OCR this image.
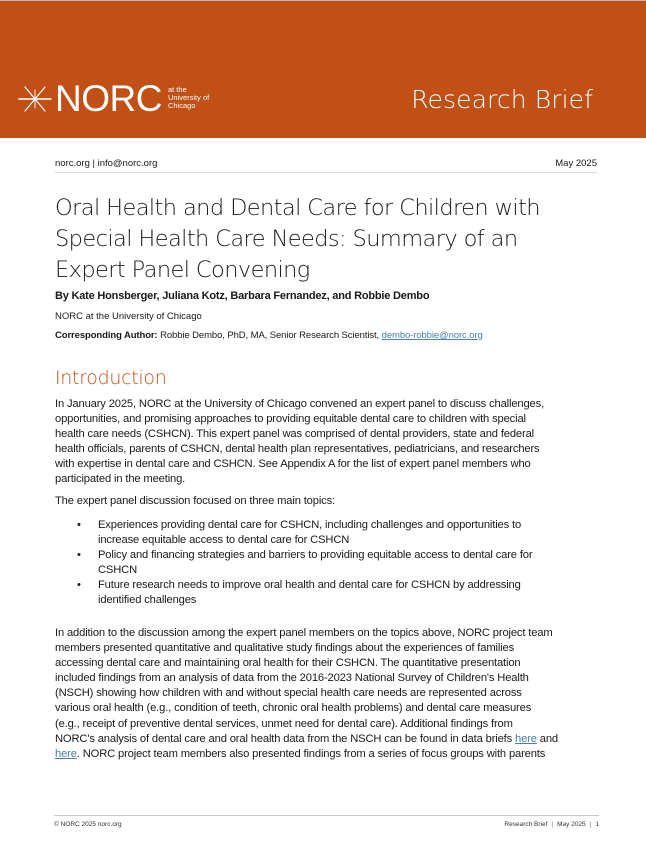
NORC at the
University of
Chicago	Research Brief
norc.org | info@norc.org	May 2025
Oral Health and Dental Care for Children with
Special Health Care Needs: Summary of an
Expert Panel Convening
By Kate Honsberger, Juliana Kotz, Barbara Fernandez, and Robbie Dembo
NORC at the University of Chicago
Corresponding Author: Robbie Dembo, PhD, MA, Senior Research Scientist, dembo-robbie@norc.org
Introduction
In January 2025, NORC at the University of Chicago convened an expert panel to discuss challenges,
opportunities, and promising approaches to providing equitable dental care to children with special
health care needs (CSHCN). This expert panel was comprised of dental providers, state and federal
health officials, parents of CSHCN, dental health plan representatives, pediatricians, and researchers
with expertise in dental care and CSHCN. See Appendix A for the list of expert panel members who
participated in the meeting.
The expert panel discussion focused on three main topics:
• Experiences providing dental care for CSHCN, including challenges and opportunities to
increase equitable access to dental care for CSHCN
• Policy and financing strategies and barriers to providing equitable access to dental care for
CSHCN
• Future research needs to improve oral health and dental care for CSHCN by addressing
identified challenges
In addition to the discussion among the expert panel members on the topics above, NORC project team
members presented quantitative and qualitative study findings about the experiences of families
accessing dental care and maintaining oral health for their CSHCN. The quantitative presentation
included findings from an analysis of data from the 2016-2023 National Survey of Children's Health
(NSCH) showing how children with and without special health care needs are represented across
various oral health (e.g., condition of teeth, chronic oral health problems) and dental care measures
(e.g., receipt of preventive dental services, unmet need for dental care). Additional findings from
NORC's analysis of dental care and oral health data from the NSCH can be found in data briefs here and
here. NORC project team members also presented findings from a series of focus groups with parents
© NORC 2025 norc.org	Research Brief | May 2025 | 1
